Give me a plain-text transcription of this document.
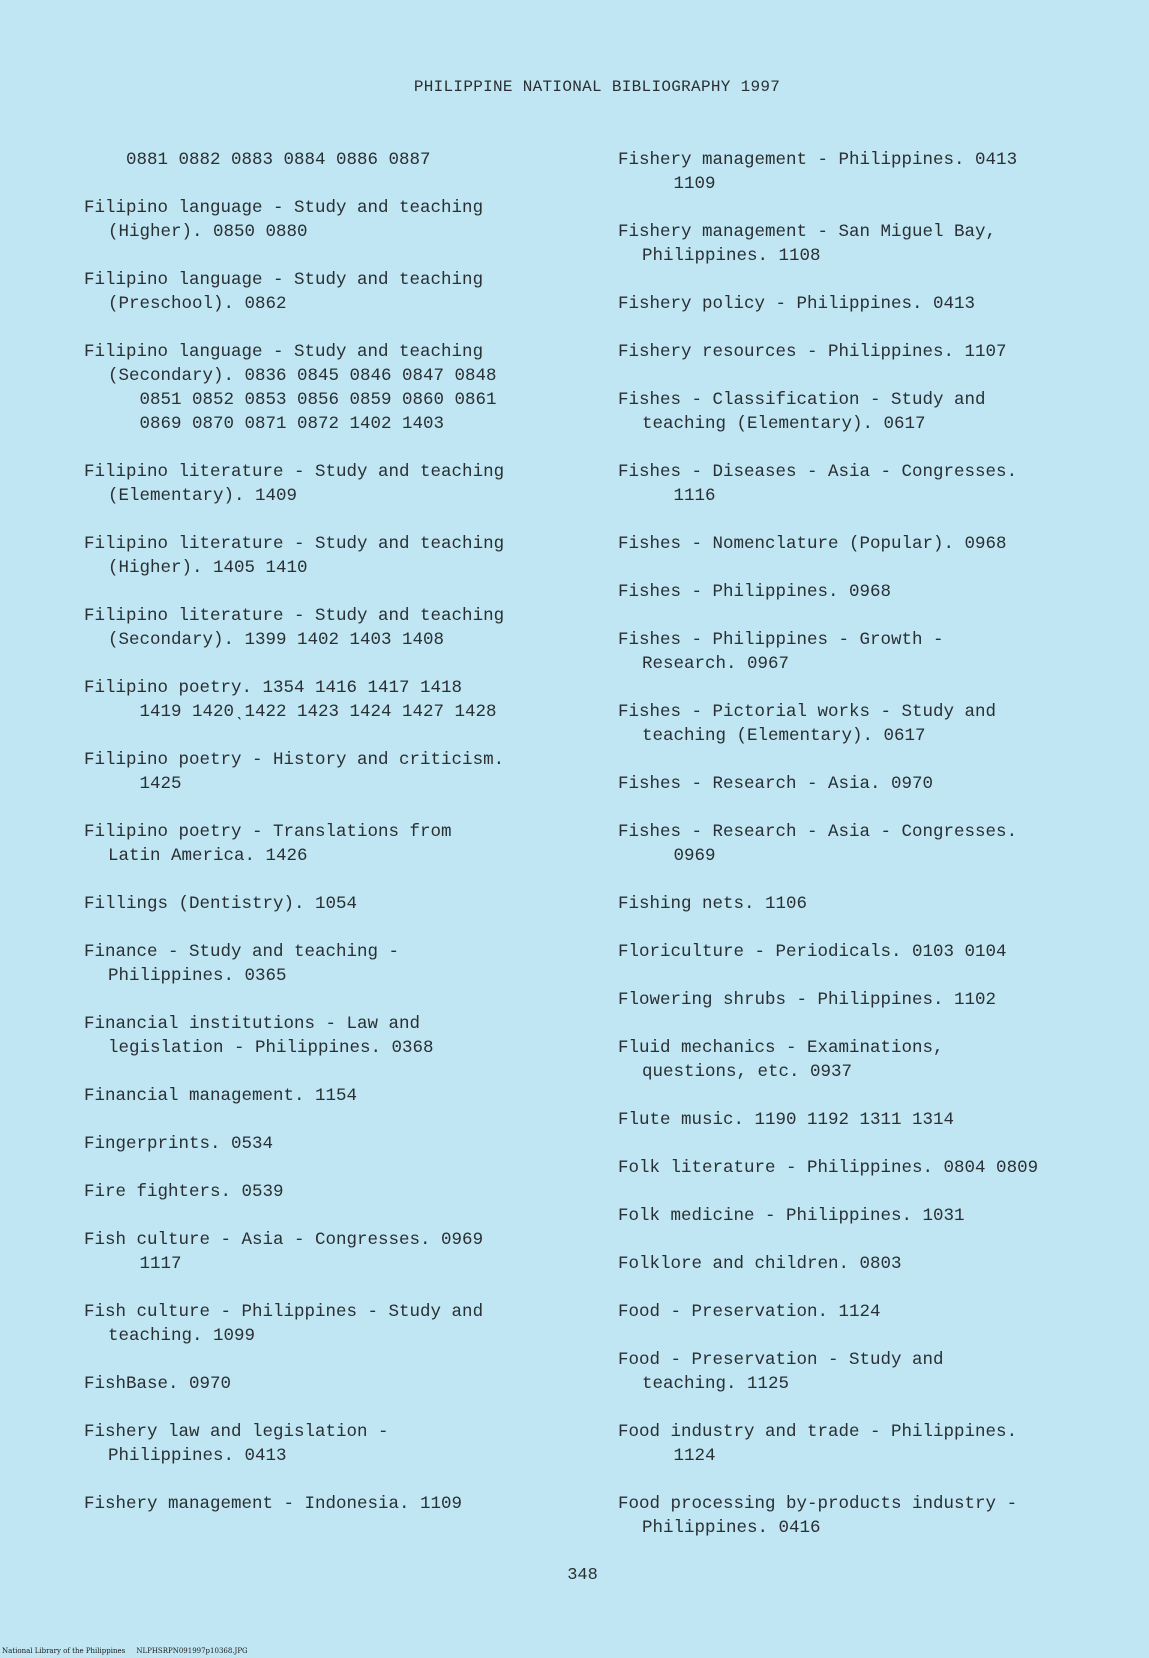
PHILIPPINE NATIONAL BIBLIOGRAPHY 1997
0881 0882 0883 0884 0886 0887
Filipino language - Study and teaching
(Higher). 0850 0880
Filipino language - Study and teaching
(Preschool). 0862
Filipino language - Study and teaching
(Secondary). 0836 0845 0846 0847 0848
0851 0852 0853 0856 0859 0860 0861
0869 0870 0871 0872 1402 1403
Filipino literature - Study and teaching
(Elementary). 1409
Filipino literature - Study and teaching
(Higher). 1405 1410
Filipino literature - Study and teaching
(Secondary). 1399 1402 1403 1408
Filipino poetry. 1354 1416 1417 1418
1419 1420ˎ1422 1423 1424 1427 1428
Filipino poetry - History and criticism.
1425
Filipino poetry - Translations from
Latin America. 1426
Fillings (Dentistry). 1054
Finance - Study and teaching -
Philippines. 0365
Financial institutions - Law and
legislation - Philippines. 0368
Financial management. 1154
Fingerprints. 0534
Fire fighters. 0539
Fish culture - Asia - Congresses. 0969
1117
Fish culture - Philippines - Study and
teaching. 1099
FishBase. 0970
Fishery law and legislation -
Philippines. 0413
Fishery management - Indonesia. 1109
Fishery management - Philippines. 0413
1109
Fishery management - San Miguel Bay,
Philippines. 1108
Fishery policy - Philippines. 0413
Fishery resources - Philippines. 1107
Fishes - Classification - Study and
teaching (Elementary). 0617
Fishes - Diseases - Asia - Congresses.
1116
Fishes - Nomenclature (Popular). 0968
Fishes - Philippines. 0968
Fishes - Philippines - Growth -
Research. 0967
Fishes - Pictorial works - Study and
teaching (Elementary). 0617
Fishes - Research - Asia. 0970
Fishes - Research - Asia - Congresses.
0969
Fishing nets. 1106
Floriculture - Periodicals. 0103 0104
Flowering shrubs - Philippines. 1102
Fluid mechanics - Examinations,
questions, etc. 0937
Flute music. 1190 1192 1311 1314
Folk literature - Philippines. 0804 0809
Folk medicine - Philippines. 1031
Folklore and children. 0803
Food - Preservation. 1124
Food - Preservation - Study and
teaching. 1125
Food industry and trade - Philippines.
1124
Food processing by-products industry -
Philippines. 0416
348
National Library of the Philippines     NLPHSRPN091997p10368.JPG
